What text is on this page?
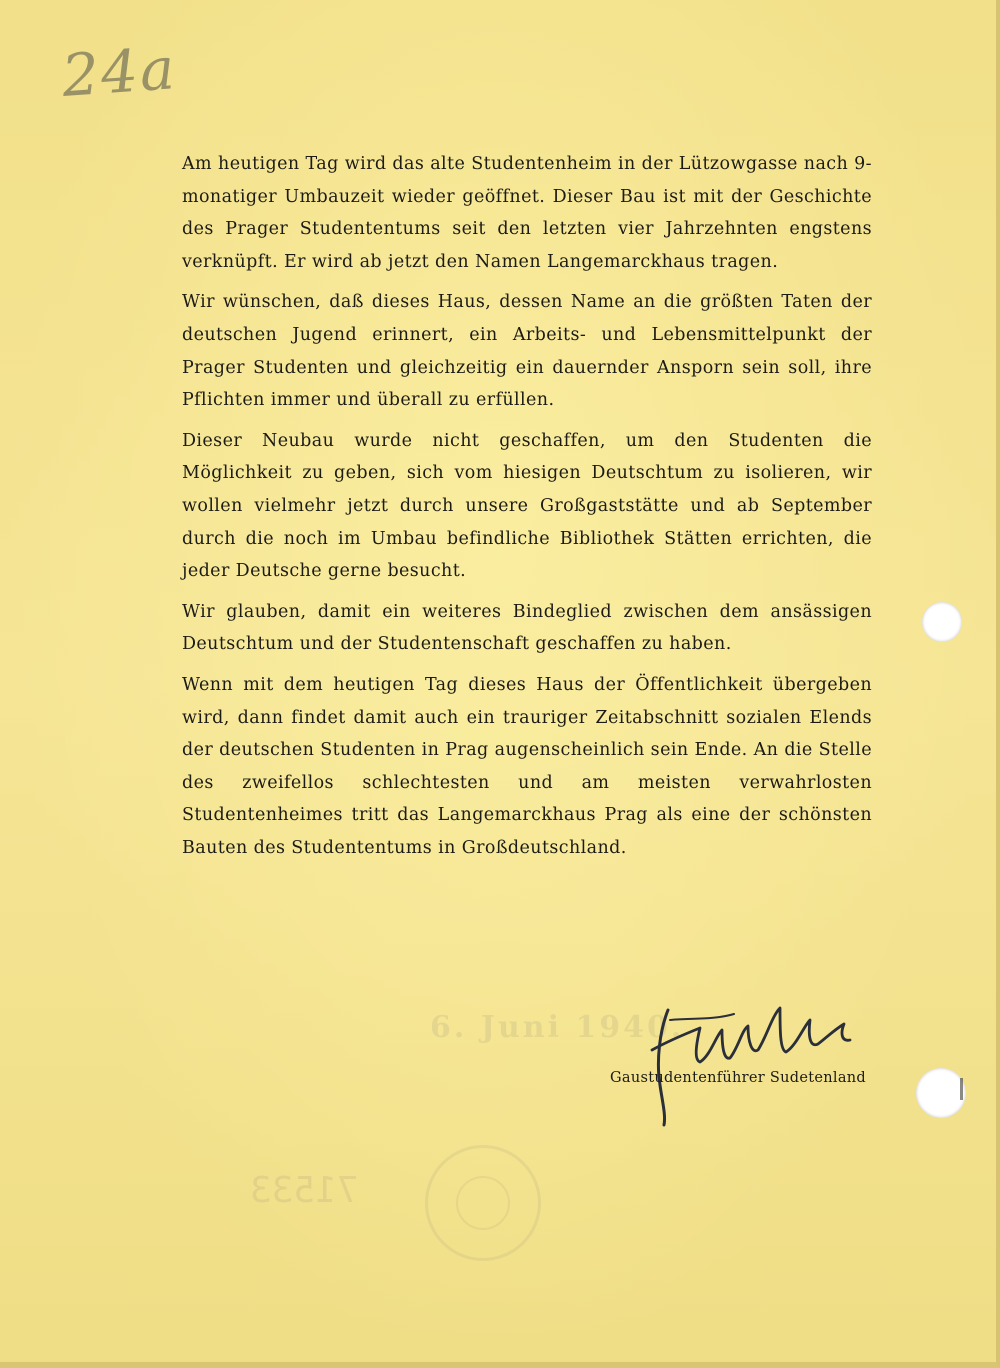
24a
6. Juni 1940.
71533

Am heutigen Tag wird das alte Studentenheim in der Lützowgasse nach 9-monatiger Umbauzeit wieder geöffnet. Dieser Bau ist mit der Geschichte des Prager Studententums seit den letzten vier Jahrzehnten engstens verknüpft. Er wird ab jetzt den Namen Langemarckhaus tragen.

Wir wünschen, daß dieses Haus, dessen Name an die größten Taten der deutschen Jugend erinnert, ein Arbeits- und Lebensmittelpunkt der Prager Studenten und gleichzeitig ein dauernder Ansporn sein soll, ihre Pflichten immer und überall zu erfüllen.

Dieser Neubau wurde nicht geschaffen, um den Studenten die Möglichkeit zu geben, sich vom hiesigen Deutschtum zu isolieren, wir wollen vielmehr jetzt durch unsere Großgaststätte und ab September durch die noch im Umbau befindliche Bibliothek Stätten errichten, die jeder Deutsche gerne besucht.

Wir glauben, damit ein weiteres Bindeglied zwischen dem ansässigen Deutschtum und der Studentenschaft geschaffen zu haben.

Wenn mit dem heutigen Tag dieses Haus der Öffentlichkeit übergeben wird, dann findet damit auch ein trauriger Zeitabschnitt sozialen Elends der deutschen Studenten in Prag augenscheinlich sein Ende. An die Stelle des zweifellos schlechtesten und am meisten verwahrlosten Studentenheimes tritt das Langemarckhaus Prag als eine der schönsten Bauten des Studententums in Großdeutschland.

Gaustudentenführer Sudetenland
